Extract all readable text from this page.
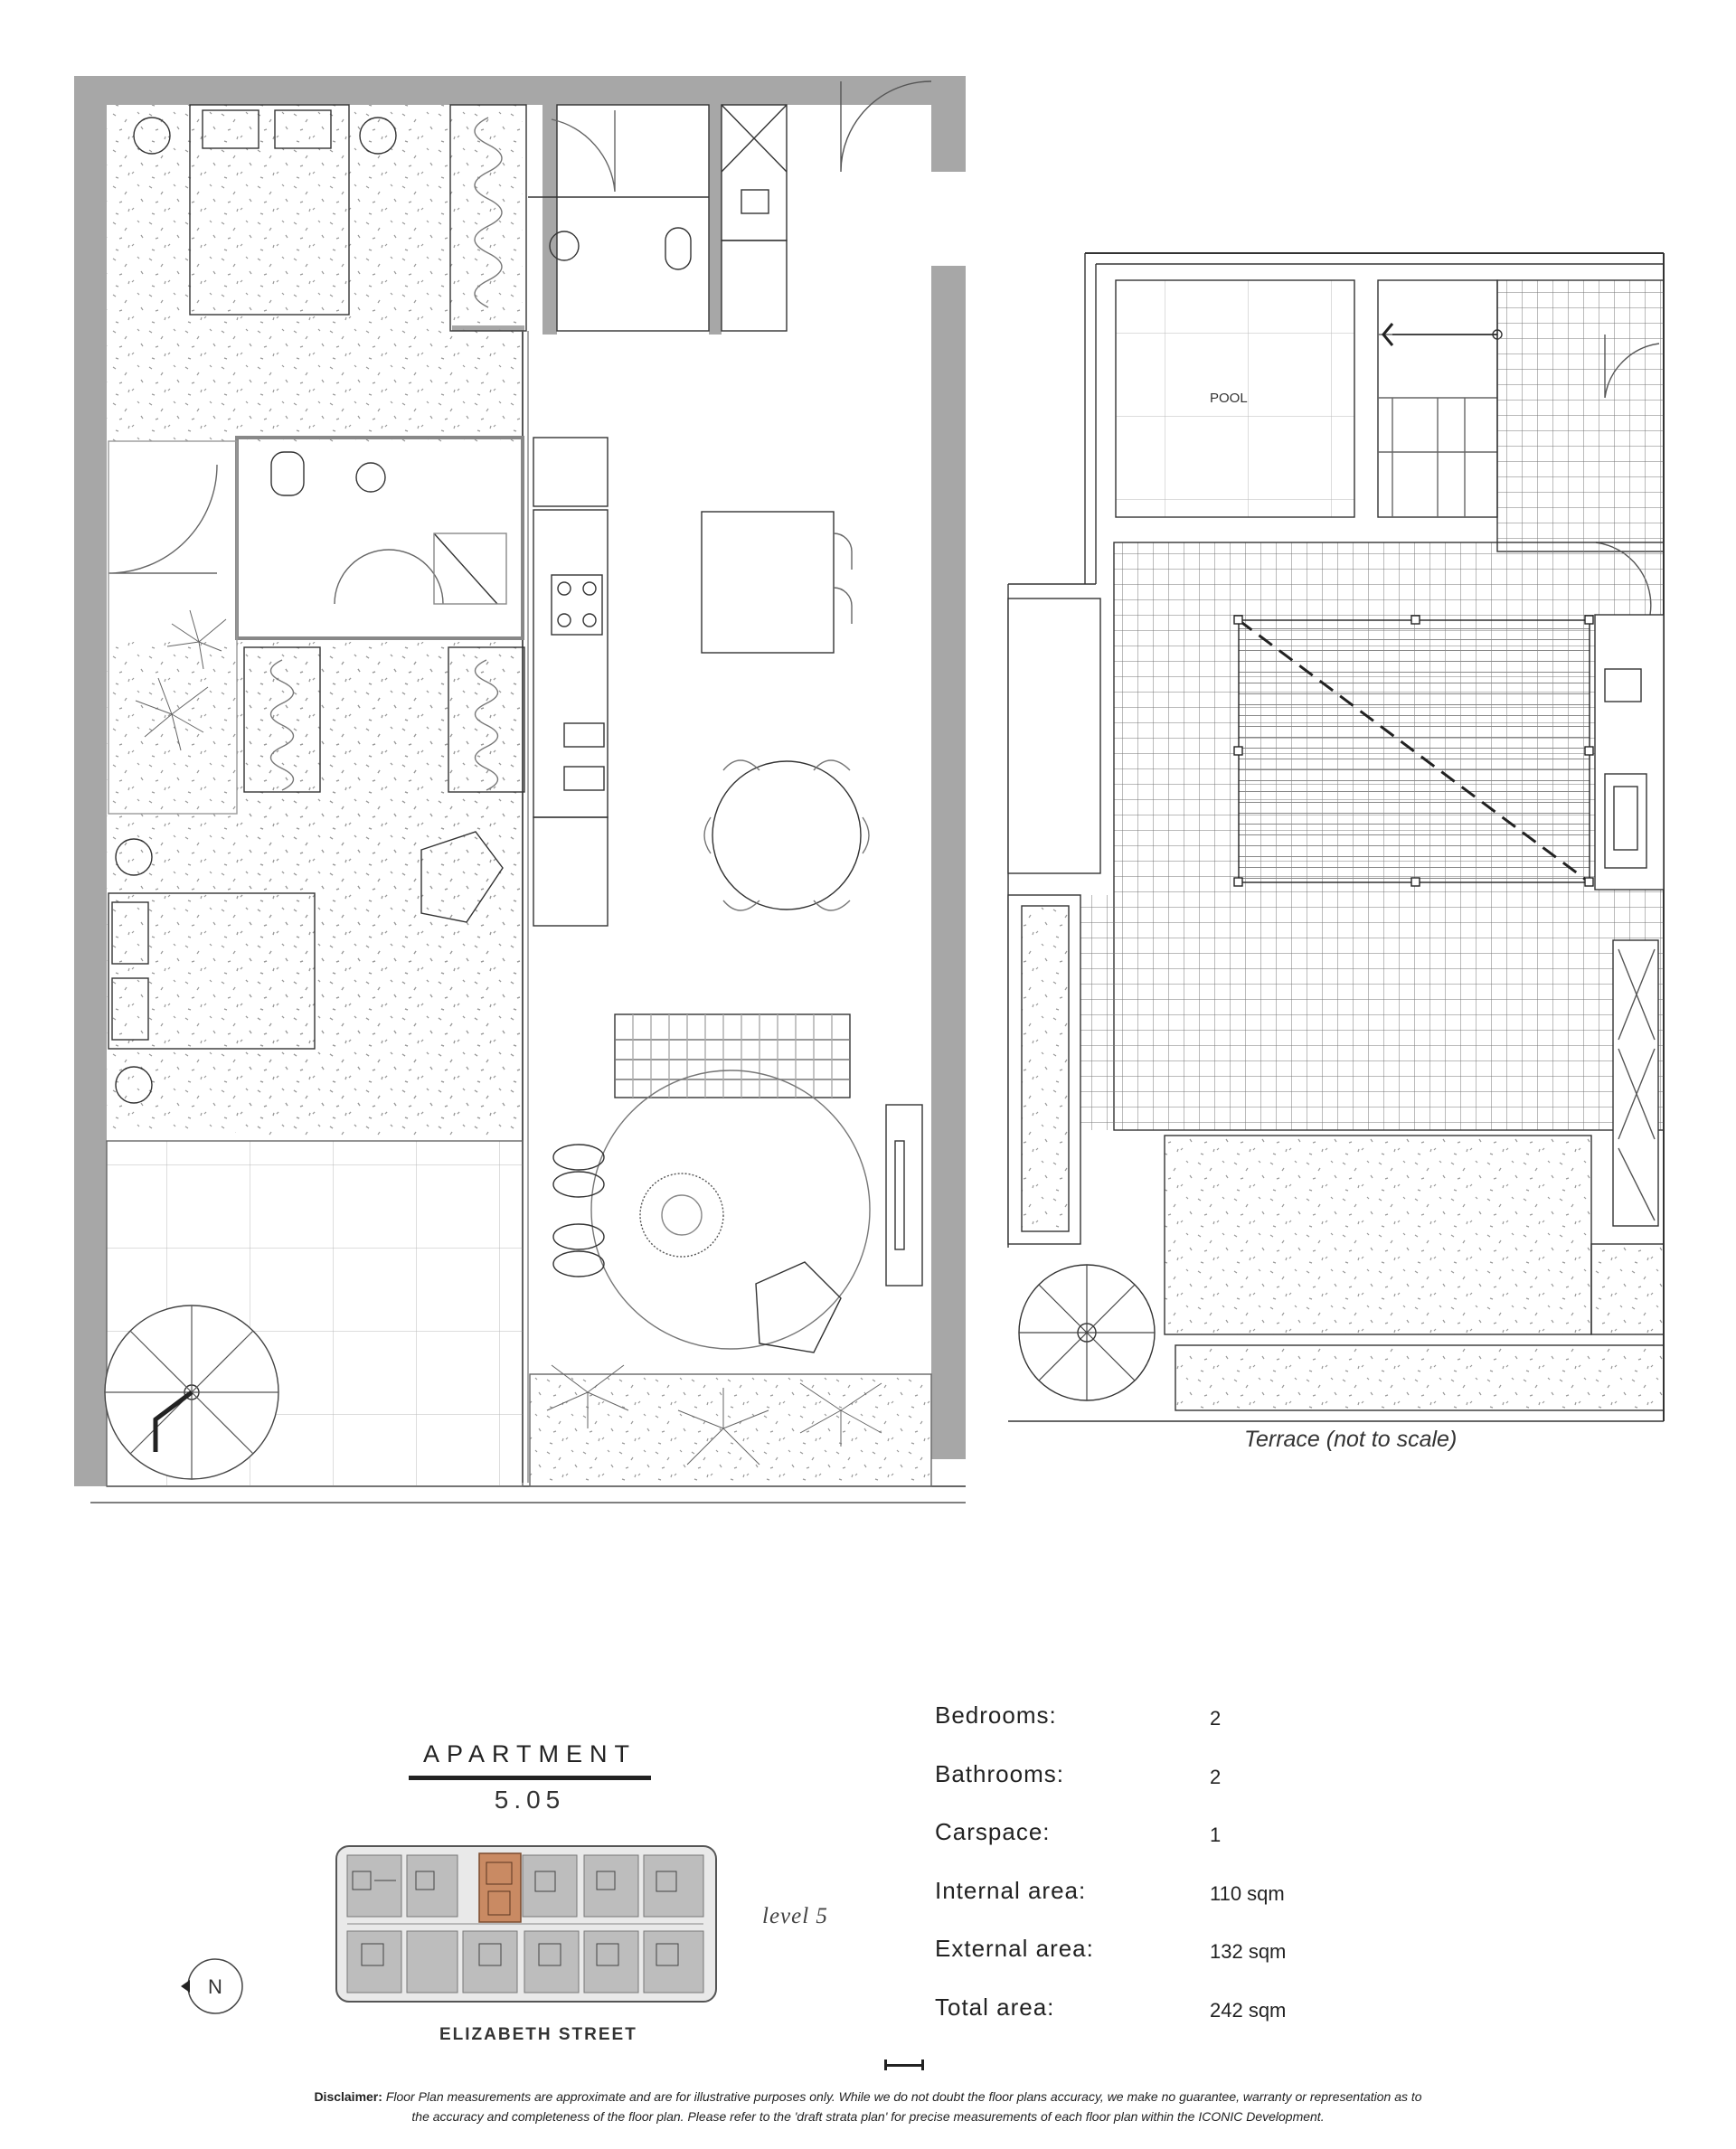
POOL
Terrace (not to scale)
APARTMENT
5.05
level 5
ELIZABETH STREET
N
Bedrooms:	2
Bathrooms:	2
Carspace:	1
Internal area:	110 sqm
External area:	132 sqm
Total area:	242 sqm
Disclaimer: Floor Plan measurements are approximate and are for illustrative purposes only. While we do not doubt the floor plans accuracy, we make no guarantee, warranty or representation as to
the accuracy and completeness of the floor plan. Please refer to the 'draft strata plan' for precise measurements of each floor plan within the ICONIC Development.
